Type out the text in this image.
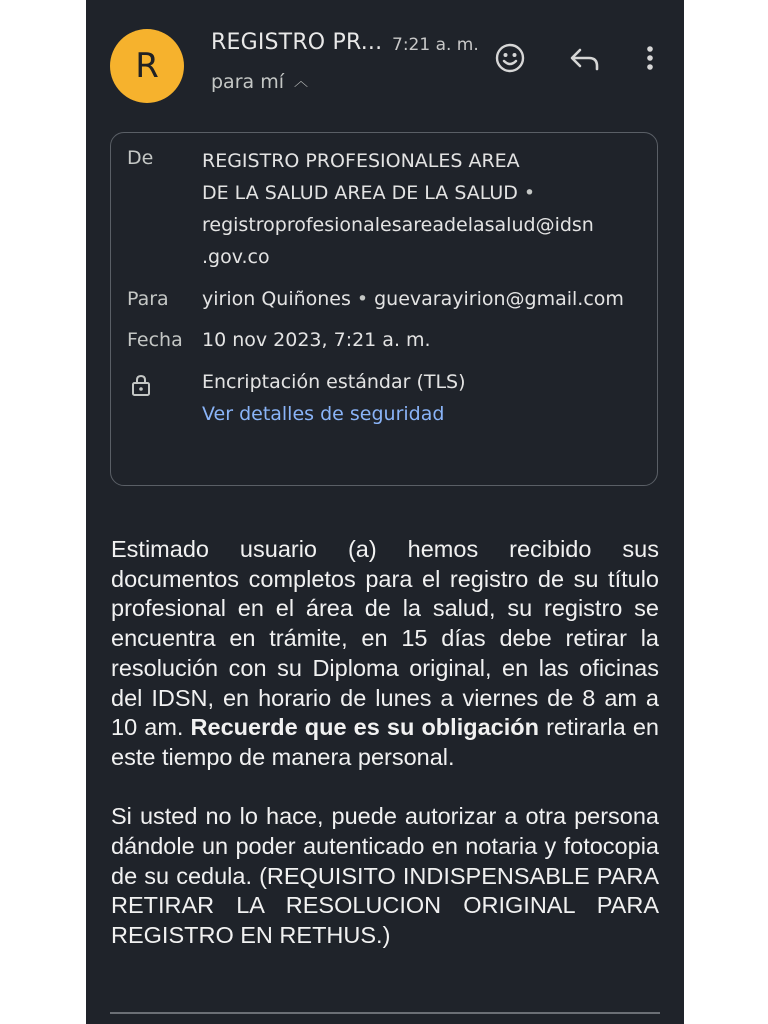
R
REGISTRO PR... 7:21 a. m.
para mí ︿
De	REGISTRO PROFESIONALES AREA
DE LA SALUD AREA DE LA SALUD •
registroprofesionalesareadelasalud@idsn
.gov.co
Para yirion Quiñones • guevarayirion@gmail.com
Fecha 10 nov 2023, 7:21 a. m.
Encriptación estándar (TLS)
Ver detalles de seguridad

Estimado usuario (a) hemos recibido sus documentos completos para el registro de su título profesional en el área de la salud, su registro se encuentra en trámite, en 15 días debe retirar la resolución con su Diploma original, en las oficinas del IDSN, en horario de lunes a viernes de 8 am a 10 am. Recuerde que es su obligación retirarla en este tiempo de manera personal.

Si usted no lo hace, puede autorizar a otra persona dándole un poder autenticado en notaria y fotocopia de su cedula. (REQUISITO INDISPENSABLE PARA RETIRAR LA RESOLUCION ORIGINAL PARA REGISTRO EN RETHUS.)
